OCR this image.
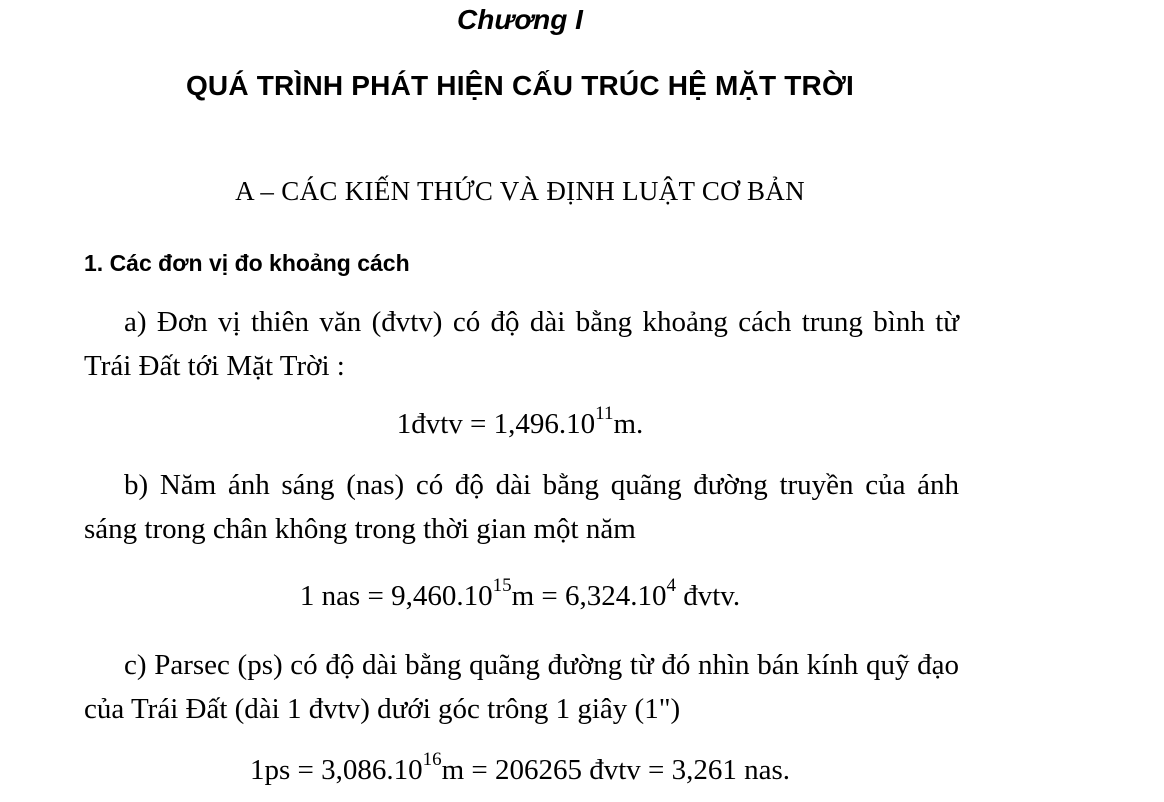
Chương I
QUÁ TRÌNH PHÁT HIỆN CẤU TRÚC HỆ MẶT TRỜI
A – CÁC KIẾN THỨC VÀ ĐỊNH LUẬT CƠ BẢN
1. Các đơn vị đo khoảng cách
a) Đơn vị thiên văn (đvtv) có độ dài bằng khoảng cách trung bình từ Trái Đất tới Mặt Trời :
1đvtv = $1,496.10^{11}m$.
b) Năm ánh sáng (nas) có độ dài bằng quãng đường truyền của ánh sáng trong chân không trong thời gian một năm
1 nas = $9,460.10^{15}m = 6,324.10^4$ đvtv.
c) Parsec (ps) có độ dài bằng quãng đường từ đó nhìn bán kính quỹ đạo của Trái Đất (dài 1 đvtv) dưới góc trông 1 giây (1")
$1ps = 3,086.10^{16}m = 206265$ đvtv = 3,261 nas.
